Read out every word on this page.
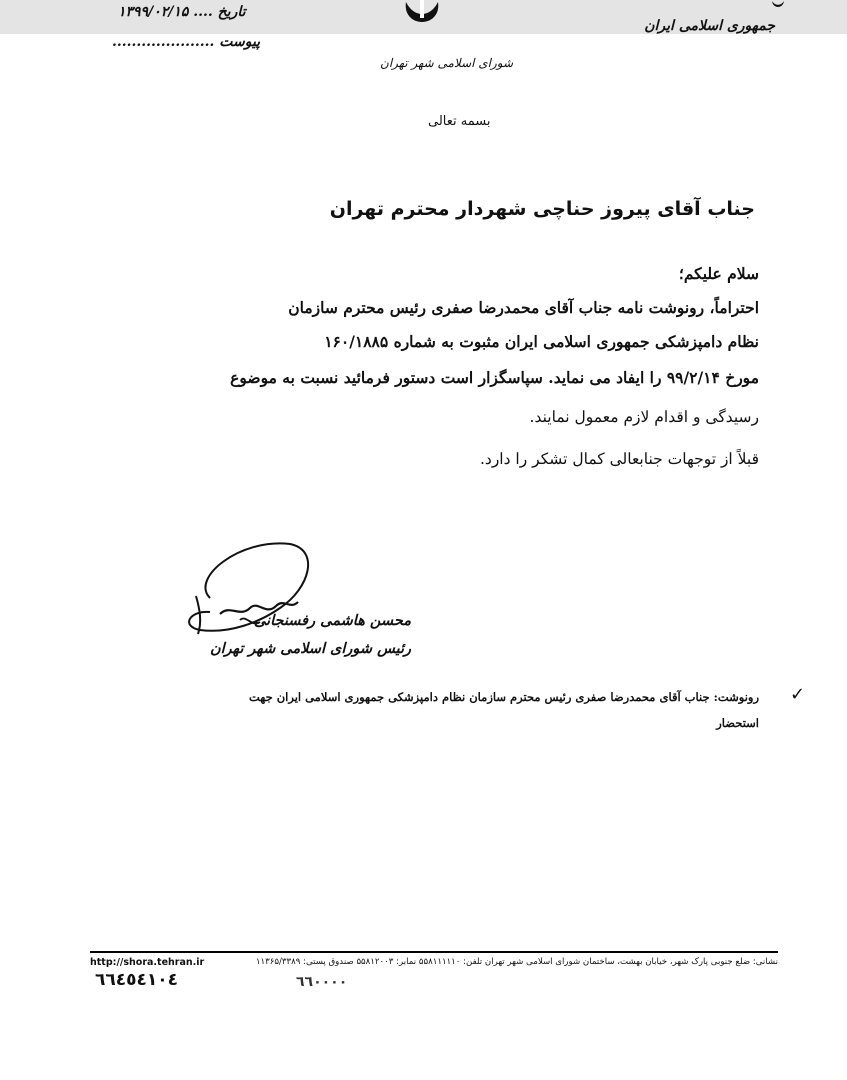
۱۳۹۹/۰۲/۱۵ .... تاریخ
..................... پیوست
جمهوری اسلامی ایران
شورای اسلامی شهر تهران
بسمه تعالی
جناب آقای پیروز حناچی شهردار محترم تهران
سلام علیکم؛
احتراماً، رونوشت نامه جناب آقای محمدرضا صفری رئیس محترم سازمان
نظام دامپزشکی جمهوری اسلامی ایران مثبوت به شماره ۱۶۰/۱۸۸۵
مورخ ۹۹/۲/۱۴ را ایفاد می نماید. سپاسگزار است دستور فرمائید نسبت به موضوع
رسیدگی و اقدام لازم معمول نمایند.
قبلاً از توجهات جنابعالی کمال تشکر را دارد.
محسن هاشمی رفسنجانی
رئیس شورای اسلامی شهر تهران
✓
رونوشت: جناب آقای محمدرضا صفری رئیس محترم سازمان نظام دامپزشکی جمهوری اسلامی ایران جهت
استحضار
نشانی: ضلع جنوبی پارک شهر، خیابان بهشت، ساختمان شورای اسلامی شهر تهران تلفن: ۵۵۸۱۱۱۱۱۰ نمابر: ۵۵۸۱۲۰۰۳ صندوق پستی: ۱۱۳۶۵/۳۳۸۹
http://shora.tehran.ir
٦٦٤٥٤١٠٤	٦٦٠٠٠٠
